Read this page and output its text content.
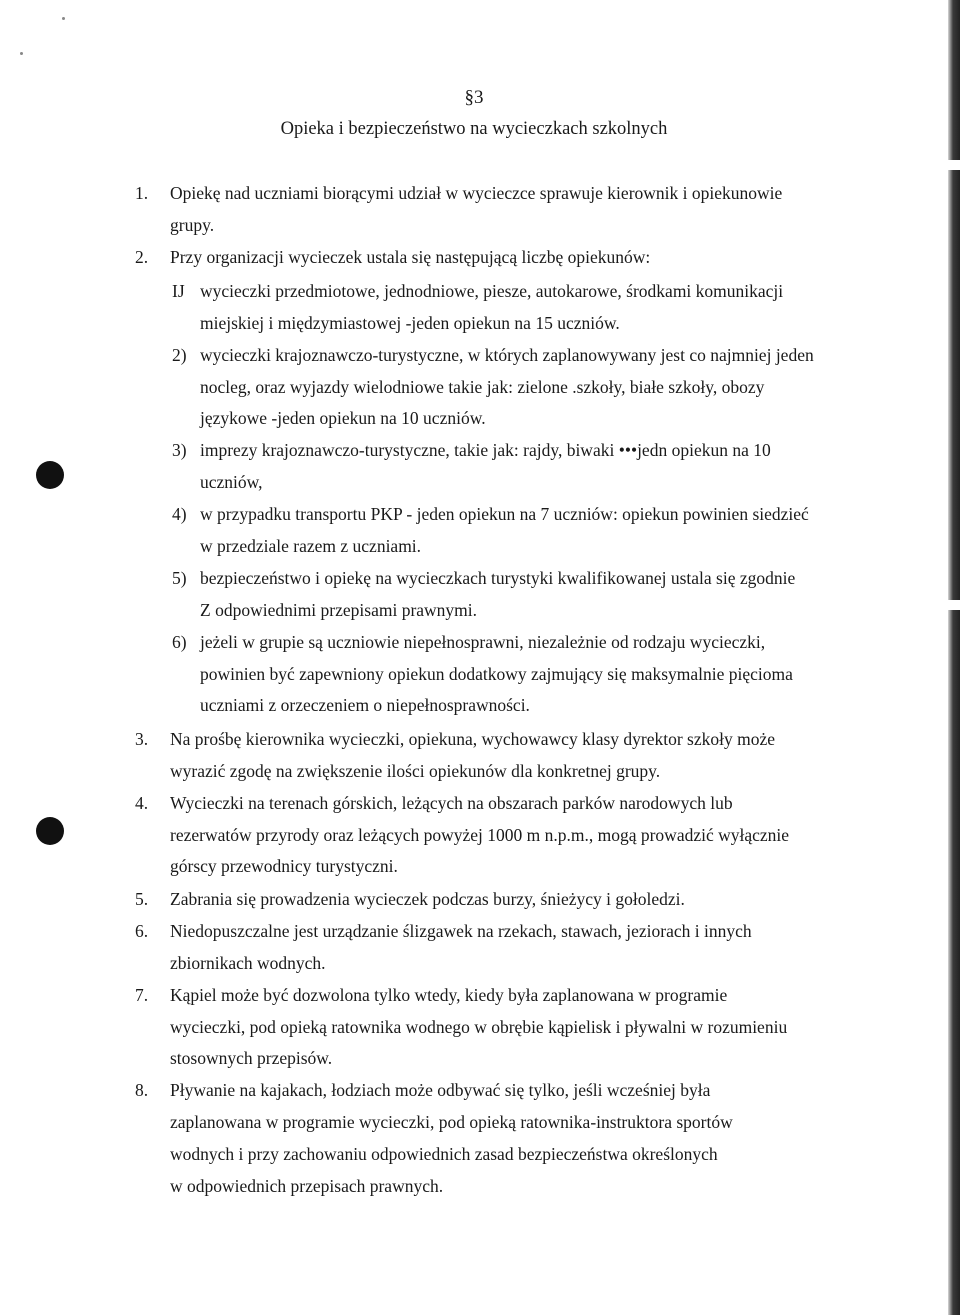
§3
Opieka i bezpieczeństwo na wycieczkach szkolnych
1. Opiekę nad uczniami biorącymi udział w wycieczce sprawuje kierownik i opiekunowie
grupy.
2. Przy organizacji wycieczek ustala się następującą liczbę opiekunów:
IJ wycieczki przedmiotowe, jednodniowe, piesze, autokarowe, środkami komunikacji
miejskiej i międzymiastowej -jeden opiekun na 15 uczniów.
2) wycieczki krajoznawczo-turystyczne, w których zaplanowywany jest co najmniej jeden
nocleg, oraz wyjazdy wielodniowe takie jak: zielone .szkoły, białe szkoły, obozy
językowe -jeden opiekun na 10 uczniów.
3) imprezy krajoznawczo-turystyczne, takie jak: rajdy, biwaki •••jedn opiekun na 10
uczniów,
4) w przypadku transportu PKP - jeden opiekun na 7 uczniów: opiekun powinien siedzieć
w przedziale razem z uczniami.
5) bezpieczeństwo i opiekę na wycieczkach turystyki kwalifikowanej ustala się zgodnie
Z odpowiednimi przepisami prawnymi.
6) jeżeli w grupie są uczniowie niepełnosprawni, niezależnie od rodzaju wycieczki,
powinien być zapewniony opiekun dodatkowy zajmujący się maksymalnie pięcioma
uczniami z orzeczeniem o niepełnosprawności.
3. Na prośbę kierownika wycieczki, opiekuna, wychowawcy klasy dyrektor szkoły może
wyrazić zgodę na zwiększenie ilości opiekunów dla konkretnej grupy.
4. Wycieczki na terenach górskich, leżących na obszarach parków narodowych lub
rezerwatów przyrody oraz leżących powyżej 1000 m n.p.m., mogą prowadzić wyłącznie
górscy przewodnicy turystyczni.
5. Zabrania się prowadzenia wycieczek podczas burzy, śnieżycy i gołoledzi.
6. Niedopuszczalne jest urządzanie ślizgawek na rzekach, stawach, jeziorach i innych
zbiornikach wodnych.
7. Kąpiel może być dozwolona tylko wtedy, kiedy była zaplanowana w programie
wycieczki, pod opieką ratownika wodnego w obrębie kąpielisk i pływalni w rozumieniu
stosownych przepisów.
8. Pływanie na kajakach, łodziach może odbywać się tylko, jeśli wcześniej była
zaplanowana w programie wycieczki, pod opieką ratownika-instruktora sportów
wodnych i przy zachowaniu odpowiednich zasad bezpieczeństwa określonych
w odpowiednich przepisach prawnych.
